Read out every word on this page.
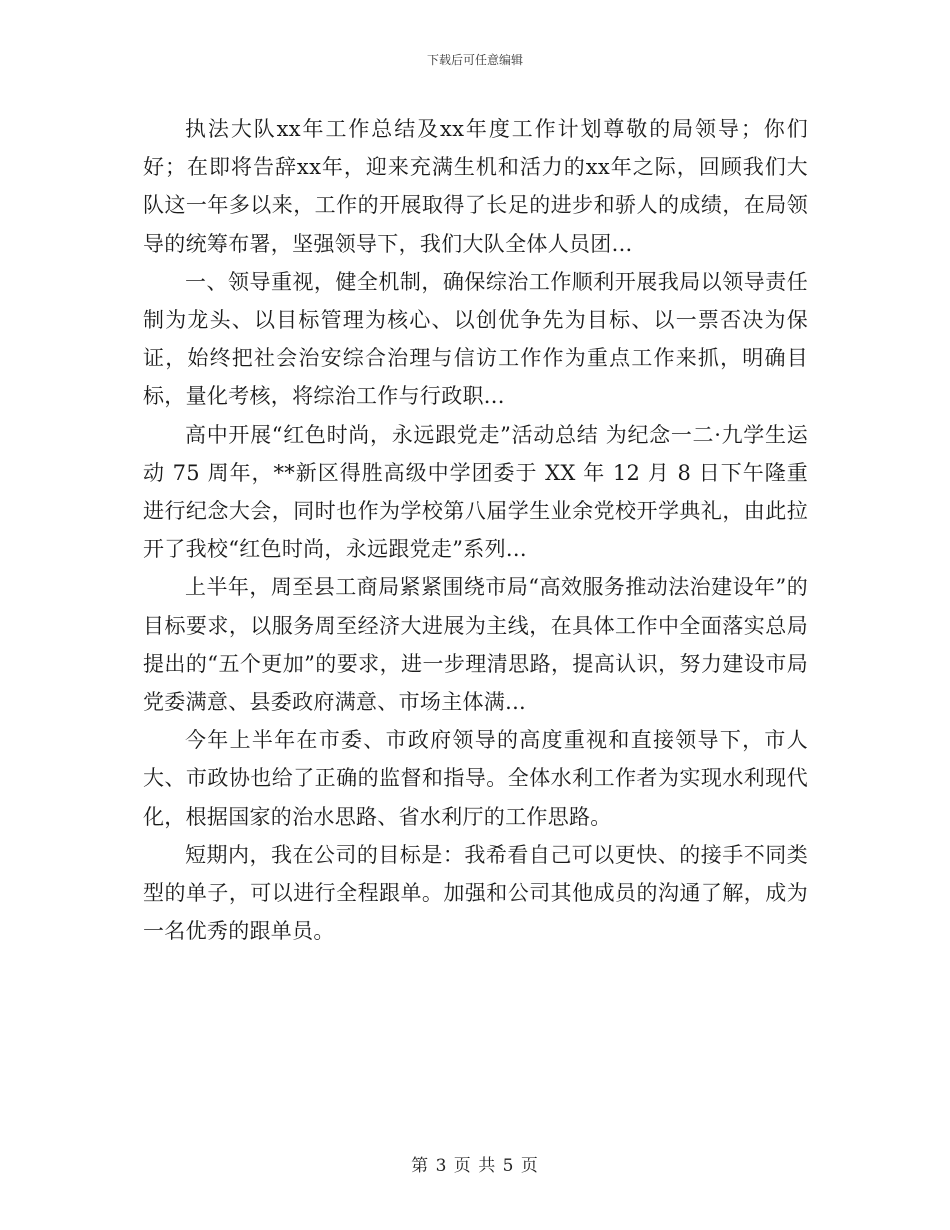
下载后可任意编辑

执法大队xx年工作总结及xx年度工作计划尊敬的局领导；你们好；在即将告辞xx年，迎来充满生机和活力的xx年之际，回顾我们大队这一年多以来，工作的开展取得了长足的进步和骄人的成绩，在局领导的统筹布署，坚强领导下，我们大队全体人员团...

一、领导重视，健全机制，确保综治工作顺利开展我局以领导责任制为龙头、以目标管理为核心、以创优争先为目标、以一票否决为保证，始终把社会治安综合治理与信访工作作为重点工作来抓，明确目标，量化考核，将综治工作与行政职...

高中开展“红色时尚，永远跟党走”活动总结 为纪念一二·九学生运动 75 周年，**新区得胜高级中学团委于 XX 年 12 月 8 日下午隆重进行纪念大会，同时也作为学校第八届学生业余党校开学典礼，由此拉开了我校“红色时尚，永远跟党走”系列...

上半年，周至县工商局紧紧围绕市局“高效服务推动法治建设年”的目标要求，以服务周至经济大进展为主线，在具体工作中全面落实总局提出的“五个更加”的要求，进一步理清思路，提高认识，努力建设市局党委满意、县委政府满意、市场主体满...

今年上半年在市委、市政府领导的高度重视和直接领导下，市人大、市政协也给了正确的监督和指导。全体水利工作者为实现水利现代化，根据国家的治水思路、省水利厅的工作思路。

短期内，我在公司的目标是：我希看自己可以更快、的接手不同类型的单子，可以进行全程跟单。加强和公司其他成员的沟通了解，成为一名优秀的跟单员。

第 3 页 共 5 页
